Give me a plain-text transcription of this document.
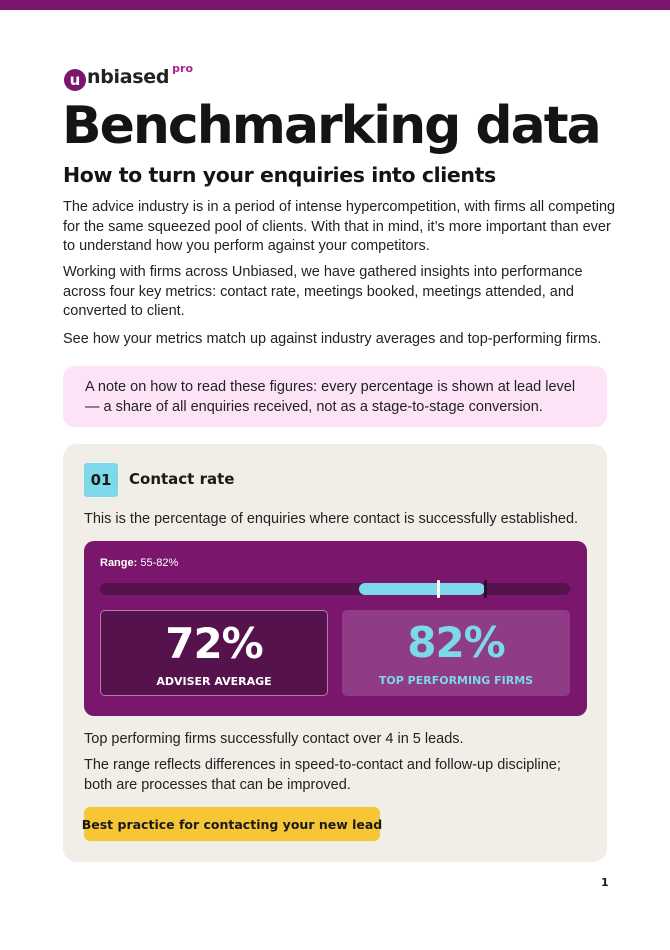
u nbiased pro
Benchmarking data
How to turn your enquiries into clients

The advice industry is in a period of intense hypercompetition, with firms all competing for the same squeezed pool of clients. With that in mind, it’s more important than ever to understand how you perform against your competitors.

Working with firms across Unbiased, we have gathered insights into performance across four key metrics: contact rate, meetings booked, meetings attended, and converted to client.

See how your metrics match up against industry averages and top-performing firms.

A note on how to read these figures: every percentage is shown at lead level — a share of all enquiries received, not as a stage-to-stage conversion.
01	Contact rate
This is the percentage of enquiries where contact is successfully established.
Range: 55-82%
72%
ADVISER AVERAGE
82%
TOP PERFORMING FIRMS

Top performing firms successfully contact over 4 in 5 leads.

The range reflects differences in speed-to-contact and follow-up discipline; both are processes that can be improved.

Best practice for contacting your new lead
1
